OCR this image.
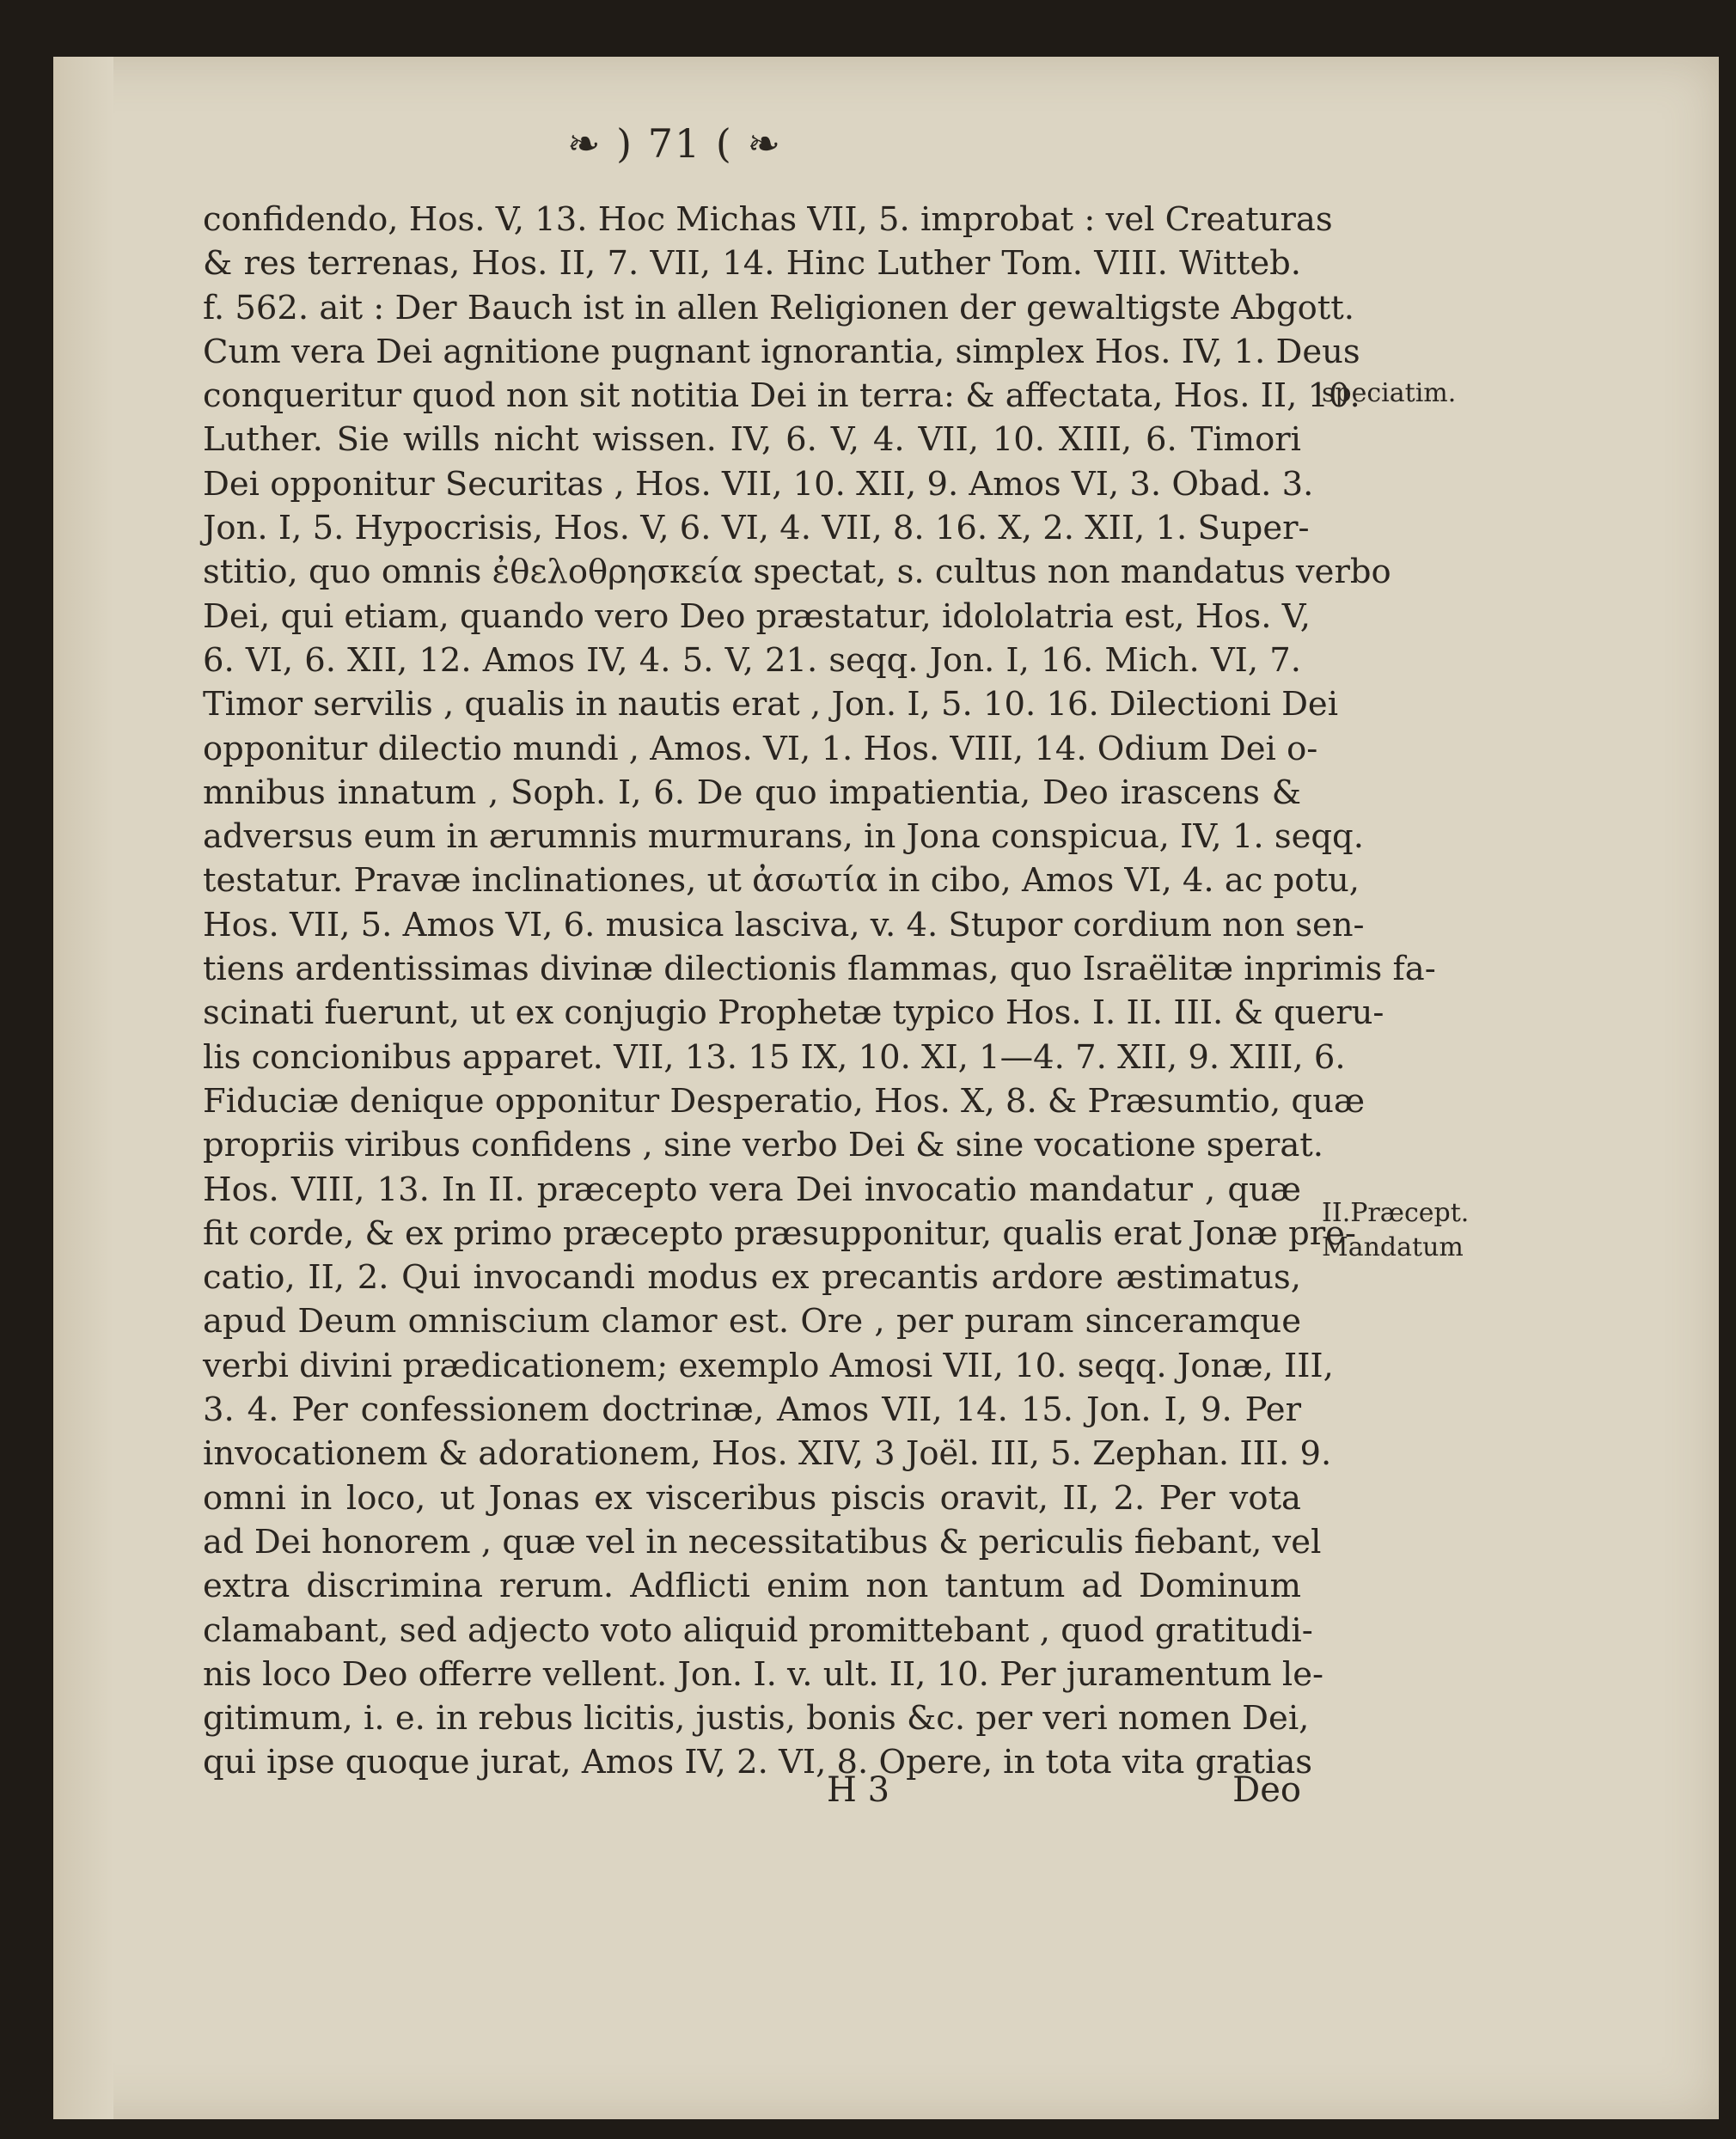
❧ ) 71 ( ❧
confidendo, Hos. V, 13. Hoc Michas VII, 5. improbat : vel Creaturas
& res terrenas, Hos. II, 7. VII, 14. Hinc Luther Tom. VIII. Witteb.
f. 562. ait : Der Bauch ist in allen Religionen der gewaltigste Abgott.
Cum vera Dei agnitione pugnant ignorantia, simplex Hos. IV, 1. Deus
conqueritur quod non sit notitia Dei in terra: & affectata, Hos. II, 10.
Luther. Sie wills nicht wissen. IV, 6. V, 4. VII, 10. XIII, 6. Timori
Dei opponitur Securitas , Hos. VII, 10. XII, 9. Amos VI, 3. Obad. 3.
Jon. I, 5. Hypocrisis, Hos. V, 6. VI, 4. VII, 8. 16. X, 2. XII, 1. Super-
stitio, quo omnis ἐθελοθρησκεία spectat, s. cultus non mandatus verbo
Dei, qui etiam, quando vero Deo præstatur, idololatria est, Hos. V,
6. VI, 6. XII, 12. Amos IV, 4. 5. V, 21. seqq. Jon. I, 16. Mich. VI, 7.
Timor servilis , qualis in nautis erat , Jon. I, 5. 10. 16. Dilectioni Dei
opponitur dilectio mundi , Amos. VI, 1. Hos. VIII, 14. Odium Dei o-
mnibus innatum , Soph. I, 6. De quo impatientia, Deo irascens &
adversus eum in ærumnis murmurans, in Jona conspicua, IV, 1. seqq.
testatur. Pravæ inclinationes, ut ἀσωτία in cibo, Amos VI, 4. ac potu,
Hos. VII, 5. Amos VI, 6. musica lasciva, v. 4. Stupor cordium non sen-
tiens ardentissimas divinæ dilectionis flammas, quo Israëlitæ inprimis fa-
scinati fuerunt, ut ex conjugio Prophetæ typico Hos. I. II. III. & queru-
lis concionibus apparet. VII, 13. 15 IX, 10. XI, 1—4. 7. XII, 9. XIII, 6.
Fiduciæ denique opponitur Desperatio, Hos. X, 8. & Præsumtio, quæ
propriis viribus confidens , sine verbo Dei & sine vocatione sperat.
Hos. VIII, 13. In II. præcepto vera Dei invocatio mandatur , quæ
fit corde, & ex primo præcepto præsupponitur, qualis erat Jonæ pre-
catio, II, 2. Qui invocandi modus ex precantis ardore æstimatus,
apud Deum omniscium clamor est. Ore , per puram sinceramque
verbi divini prædicationem; exemplo Amosi VII, 10. seqq. Jonæ, III,
3. 4. Per confessionem doctrinæ, Amos VII, 14. 15. Jon. I, 9. Per
invocationem & adorationem, Hos. XIV, 3 Joël. III, 5. Zephan. III. 9.
omni in loco, ut Jonas ex visceribus piscis oravit, II, 2. Per vota
ad Dei honorem , quæ vel in necessitatibus & periculis fiebant, vel
extra discrimina rerum. Adflicti enim non tantum ad Dominum
clamabant, sed adjecto voto aliquid promittebant , quod gratitudi-
nis loco Deo offerre vellent. Jon. I. v. ult. II, 10. Per juramentum le-
gitimum, i. e. in rebus licitis, justis, bonis &c. per veri nomen Dei,
qui ipse quoque jurat, Amos IV, 2. VI, 8. Opere, in tota vita gratias
H 3	Deo
speciatim.
II.Præcept.
Mandatum
